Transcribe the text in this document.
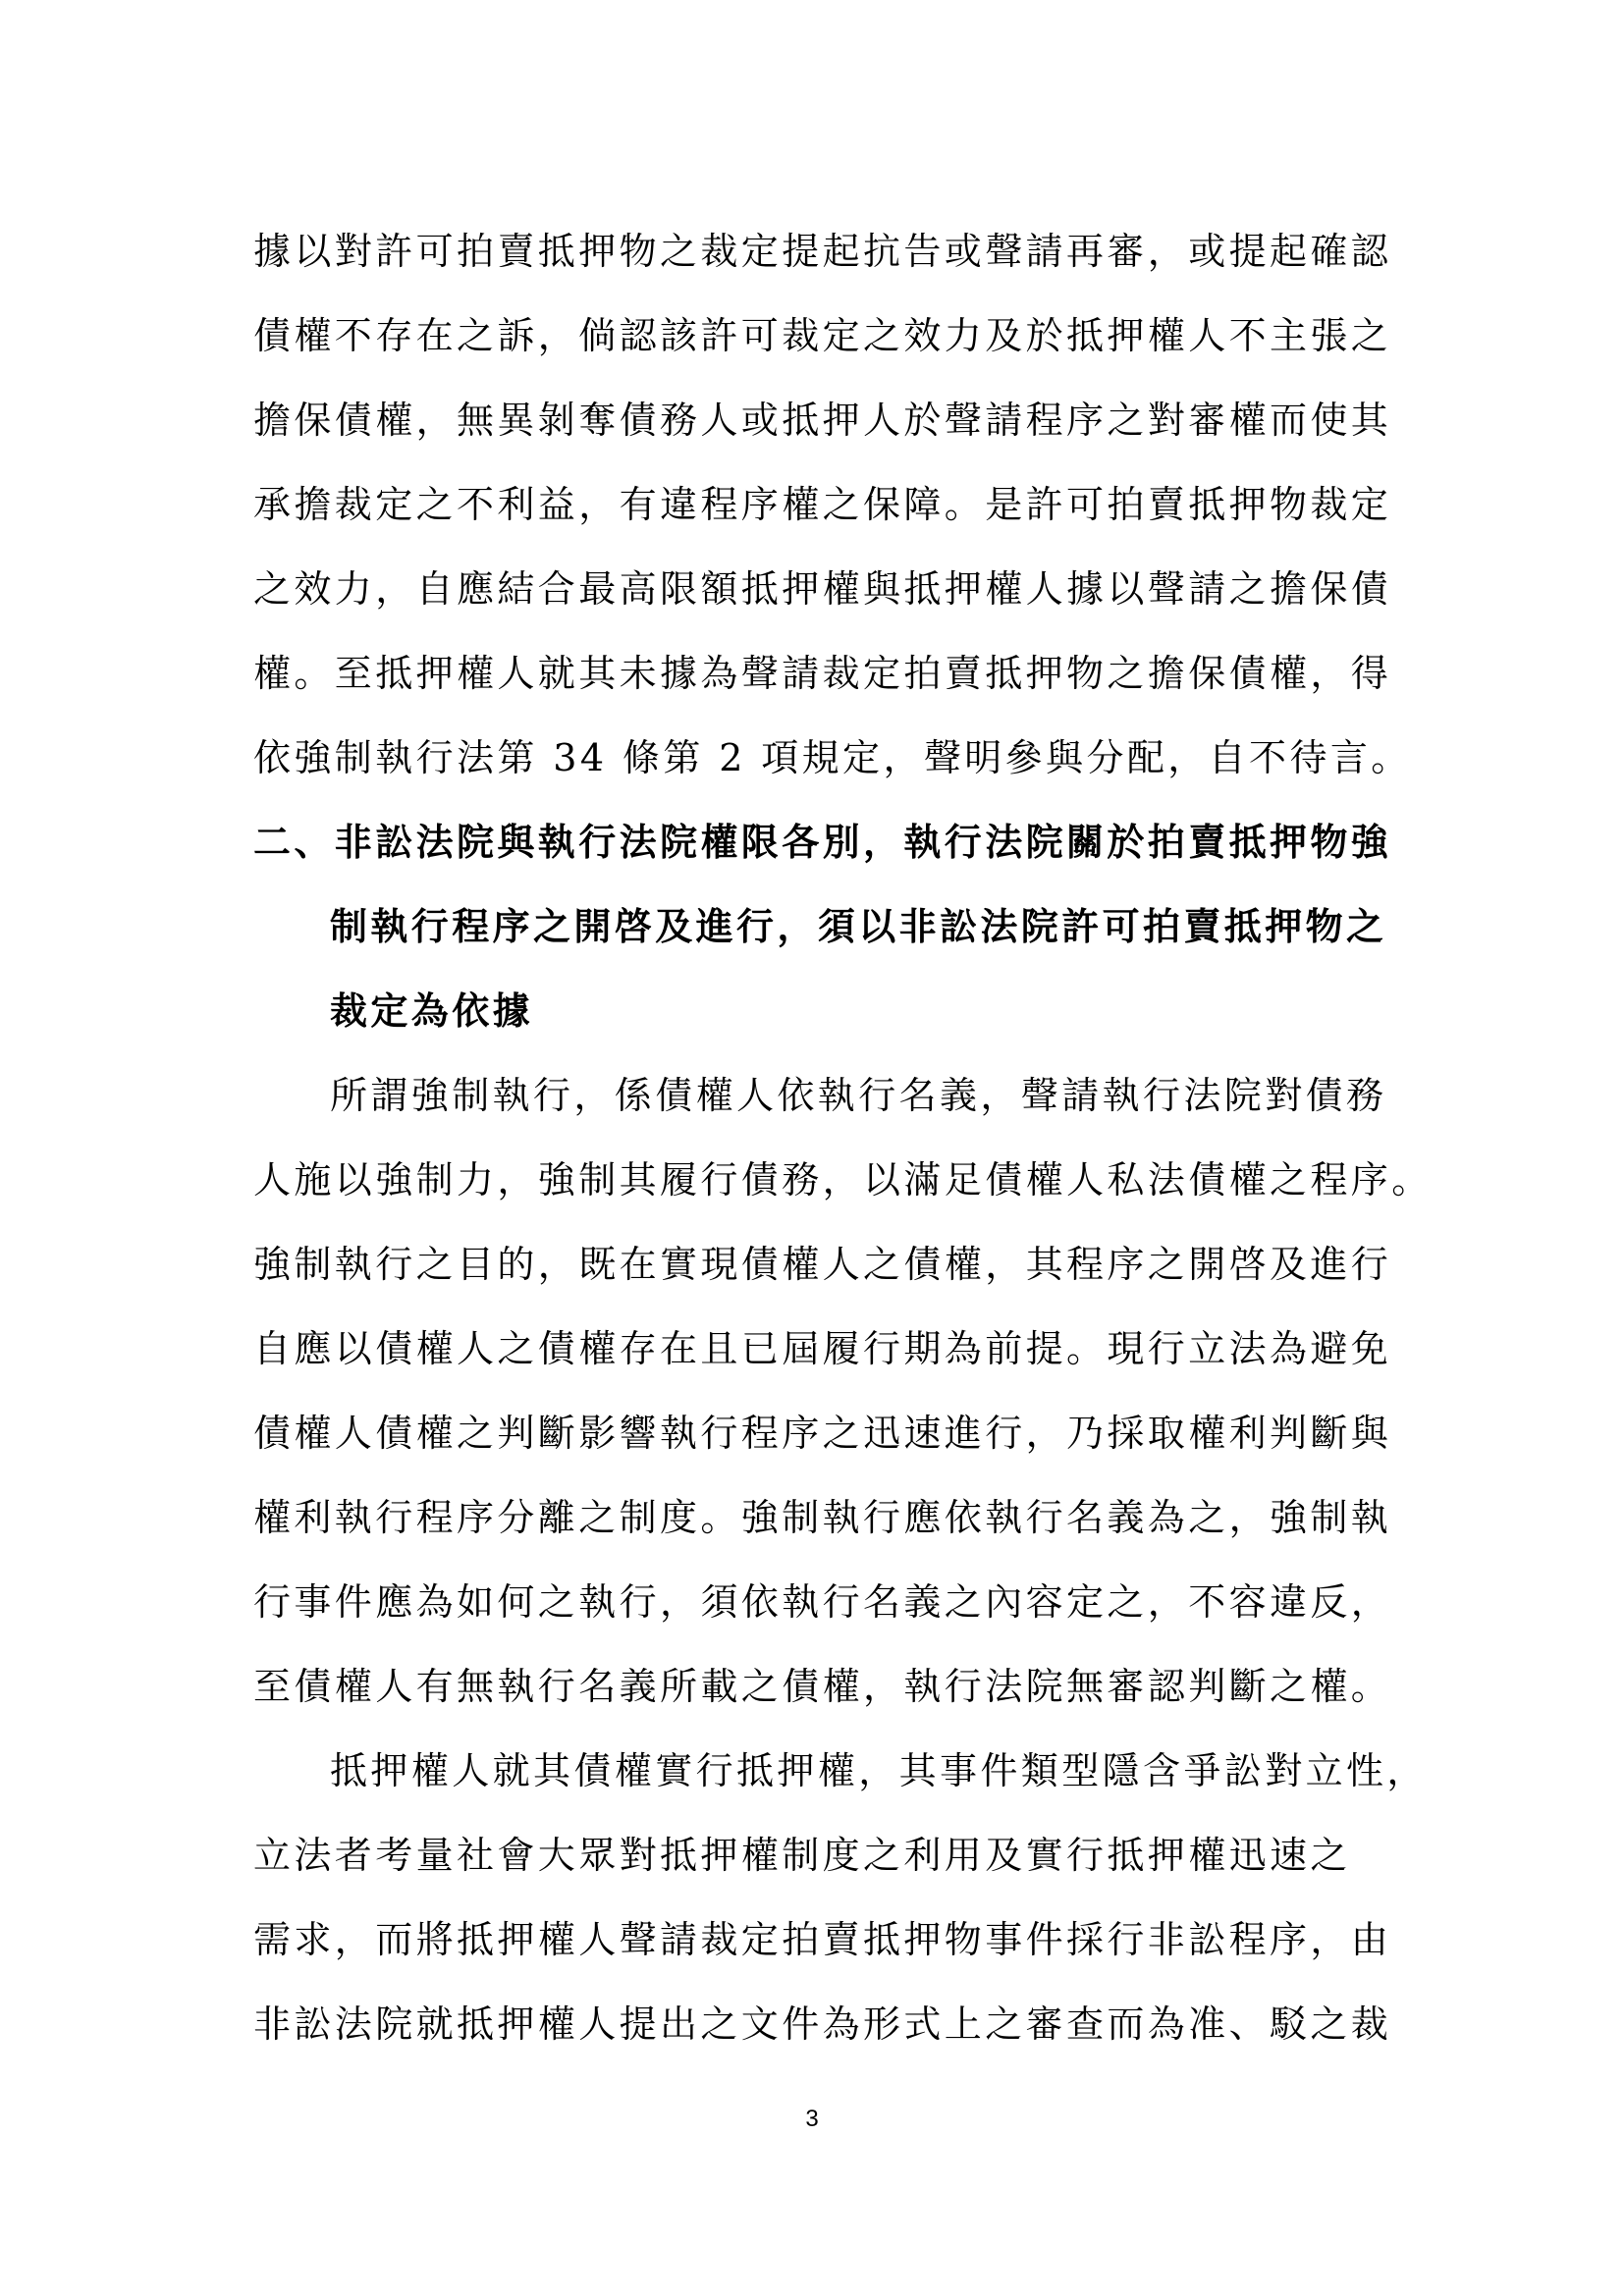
據以對許可拍賣抵押物之裁定提起抗告或聲請再審，或提起確認
債權不存在之訴，倘認該許可裁定之效力及於抵押權人不主張之
擔保債權，無異剝奪債務人或抵押人於聲請程序之對審權而使其
承擔裁定之不利益，有違程序權之保障。是許可拍賣抵押物裁定
之效力，自應結合最高限額抵押權與抵押權人據以聲請之擔保債
權。至抵押權人就其未據為聲請裁定拍賣抵押物之擔保債權，得
依強制執行法第 34 條第 2 項規定，聲明參與分配，自不待言。
二、非訟法院與執行法院權限各別，執行法院關於拍賣抵押物強
制執行程序之開啓及進行，須以非訟法院許可拍賣抵押物之
裁定為依據
所謂強制執行，係債權人依執行名義，聲請執行法院對債務
人施以強制力，強制其履行債務，以滿足債權人私法債權之程序。
強制執行之目的，既在實現債權人之債權，其程序之開啓及進行
自應以債權人之債權存在且已屆履行期為前提。現行立法為避免
債權人債權之判斷影響執行程序之迅速進行，乃採取權利判斷與
權利執行程序分離之制度。強制執行應依執行名義為之，強制執
行事件應為如何之執行，須依執行名義之內容定之，不容違反，
至債權人有無執行名義所載之債權，執行法院無審認判斷之權。
抵押權人就其債權實行抵押權，其事件類型隱含爭訟對立性，
立法者考量社會大眾對抵押權制度之利用及實行抵押權迅速之
需求，而將抵押權人聲請裁定拍賣抵押物事件採行非訟程序，由
非訟法院就抵押權人提出之文件為形式上之審查而為准、駁之裁
3
